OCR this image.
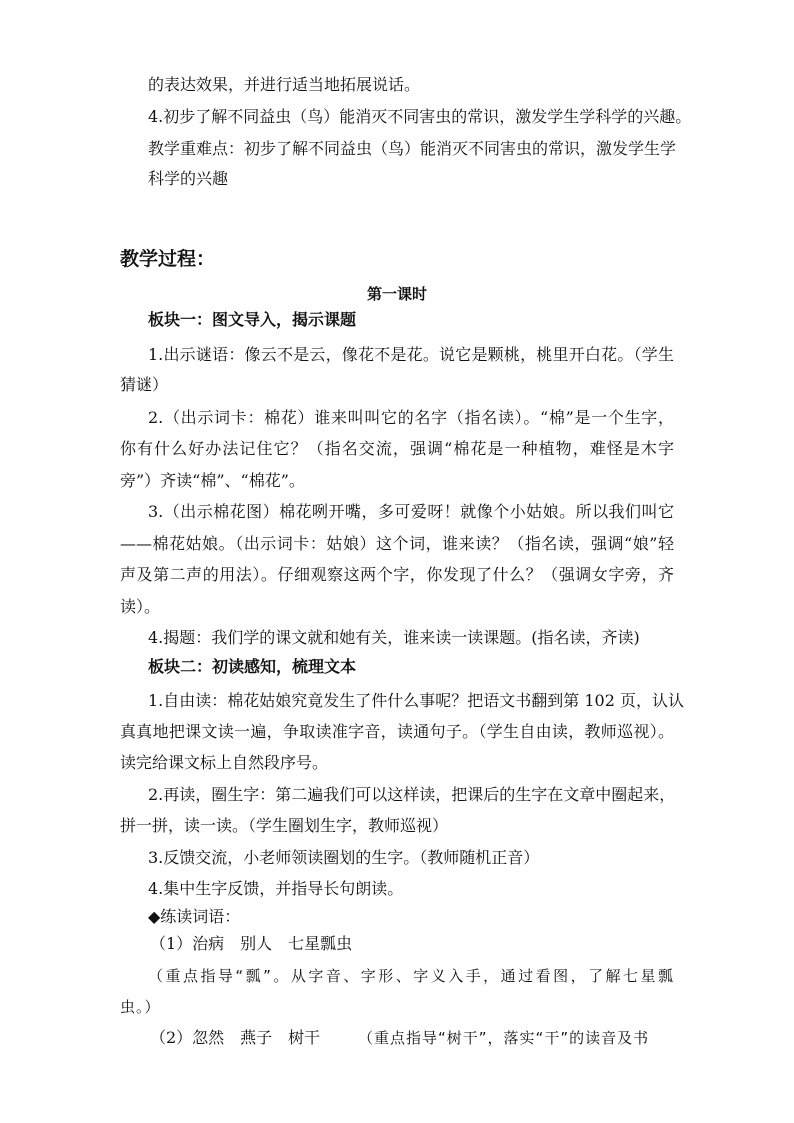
的表达效果，并进行适当地拓展说话。
4.初步了解不同益虫（鸟）能消灭不同害虫的常识，激发学生学科学的兴趣。
教学重难点：初步了解不同益虫（鸟）能消灭不同害虫的常识，激发学生学
科学的兴趣
教学过程：
第一课时
板块一：图文导入，揭示课题
1.出示谜语：像云不是云，像花不是花。说它是颗桃，桃里开白花。（学生
猜谜）
2.（出示词卡：棉花）谁来叫叫它的名字（指名读）。“棉”是一个生字，
你有什么好办法记住它？（指名交流，强调“棉花是一种植物，难怪是木字
旁”）齐读“棉”、“棉花”。
3.（出示棉花图）棉花咧开嘴，多可爱呀！就像个小姑娘。所以我们叫它
——棉花姑娘。（出示词卡：姑娘）这个词，谁来读？（指名读，强调“娘”轻
声及第二声的用法）。仔细观察这两个字，你发现了什么？（强调女字旁，齐
读）。
4.揭题：我们学的课文就和她有关，谁来读一读课题。(指名读，齐读)
板块二：初读感知，梳理文本
1.自由读：棉花姑娘究竟发生了件什么事呢？把语文书翻到第 102 页，认认
真真地把课文读一遍，争取读准字音，读通句子。（学生自由读，教师巡视）。
读完给课文标上自然段序号。
2.再读，圈生字：第二遍我们可以这样读，把课后的生字在文章中圈起来，
拼一拼，读一读。（学生圈划生字，教师巡视）
3.反馈交流，小老师领读圈划的生字。（教师随机正音）
4.集中生字反馈，并指导长句朗读。
◆练读词语：
（1）治病　别人　七星瓢虫
（重点指导“瓢”。从字音、字形、字义入手，通过看图，了解七星瓢
虫。）
（2）忽然　燕子　树干	（重点指导“树干”，落实“干”的读音及书
